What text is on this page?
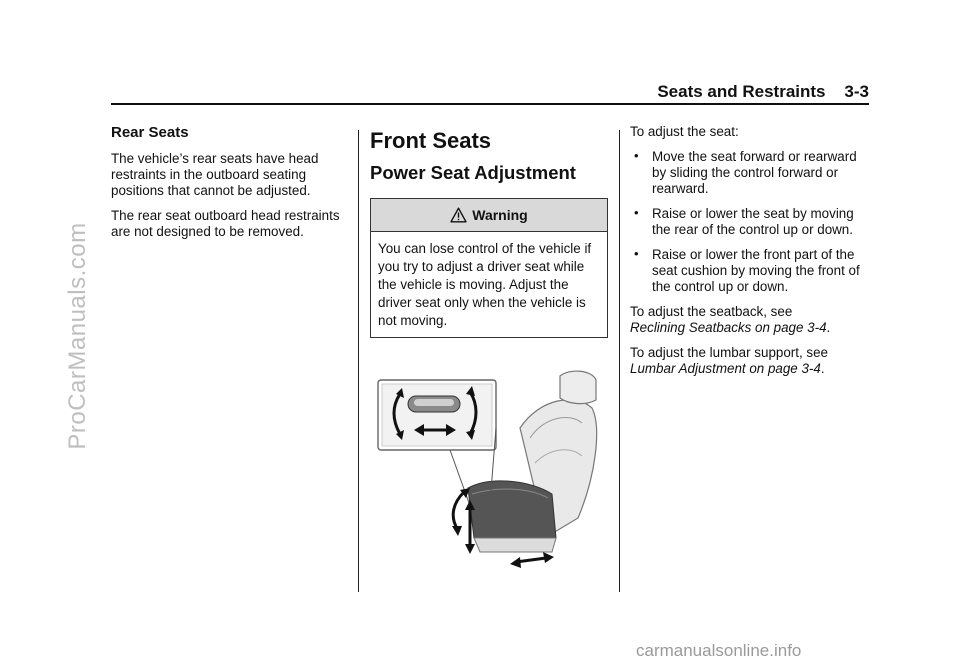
ProCarManuals.com
Seats and Restraints 3-3
Rear Seats

The vehicle’s rear seats have head restraints in the outboard seating positions that cannot be adjusted.

The rear seat outboard head restraints are not designed to be removed.

Front Seats
Power Seat Adjustment
Warning
You can lose control of the vehicle if you try to adjust a driver seat while the vehicle is moving. Adjust the driver seat only when the vehicle is not moving.

To adjust the seat:

• Move the seat forward or rearward by sliding the control forward or rearward.
• Raise or lower the seat by moving the rear of the control up or down.
• Raise or lower the front part of the seat cushion by moving the front of the control up or down.

To adjust the seatback, see
Reclining Seatbacks on page 3-4.

To adjust the lumbar support, see
Lumbar Adjustment on page 3-4.

carmanualsonline.info
